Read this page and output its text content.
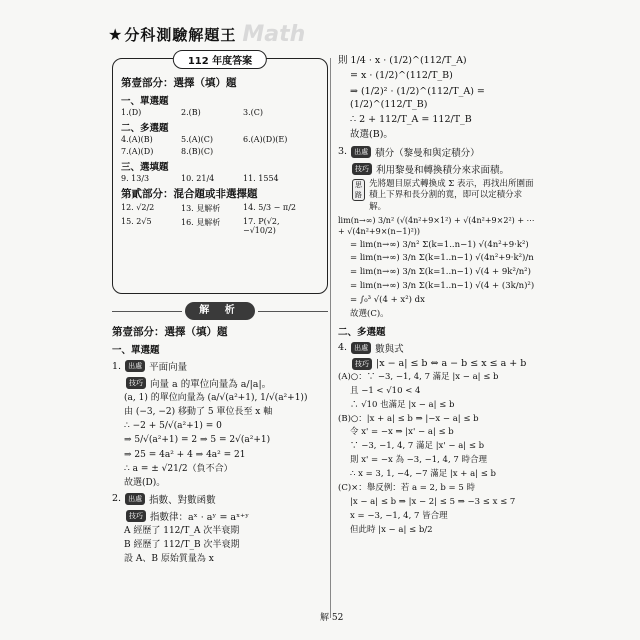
★ 分科測驗解題王 Math
112 年度答案
第壹部分：選擇（填）題
一、單選題
1.(D)	2.(B)	3.(C)
二、多選題
4.(A)(B)	5.(A)(C)	6.(A)(D)(E)
7.(A)(D)	8.(B)(C)
三、選填題
9. 13/3	10. 21/4	11. 1554
第貳部分：混合題或非選擇題
12. √2/2	13. 見解析	14. 5/3 − π/2
15. 2√5	16. 見解析	17. P(√2, −√10/2)
解 析
第壹部分：選擇（填）題
一、單選題
1.	出處 平面向量
技巧 向量 a 的單位向量為 a/|a|。
(a, 1) 的單位向量為 (a/√(a²+1), 1/√(a²+1))
由 (−3, −2) 移動了 5 單位長至 x 軸
∴ −2 + 5/√(a²+1) = 0
⇒ 5/√(a²+1) = 2 ⇒ 5 = 2√(a²+1)
⇒ 25 = 4a² + 4 ⇒ 4a² = 21
∴ a = ± √21/2（負不合）
故選(D)。
2.	出處 指數、對數函數
技巧 指數律：aˣ · aʸ = aˣ⁺ʸ
A 經歷了 112/T_A 次半衰期
B 經歷了 112/T_B 次半衰期
設 A、B 原始質量為 x
則 1/4 · x · (1/2)^(112/T_A)
= x · (1/2)^(112/T_B)
⇒ (1/2)² · (1/2)^(112/T_A) = (1/2)^(112/T_B)
∴ 2 + 112/T_A = 112/T_B
故選(B)。
3.	出處 積分（黎曼和與定積分）
技巧 利用黎曼和轉換積分來求面積。
思路
先將題目原式轉換成 Σ 表示，再找出所圍面積上下界和長分割的寬，即可以定積分求解。
lim(n→∞) 3/n² (√(4n²+9×1²) + √(4n²+9×2²) + ⋯ + √(4n²+9×(n−1)²))
= lim(n→∞) 3/n² Σ(k=1..n−1) √(4n²+9·k²)
= lim(n→∞) 3/n Σ(k=1..n−1) √(4n²+9·k²)/n
= lim(n→∞) 3/n Σ(k=1..n−1) √(4 + 9k²/n²)
= lim(n→∞) 3/n Σ(k=1..n−1) √(4 + (3k/n)²)
= ∫₀³ √(4 + x²) dx
故選(C)。
二、多選題
4.	出處 數與式
技巧 |x − a| ≤ b ⇔ a − b ≤ x ≤ a + b
(A)○：∵ −3, −1, 4, 7 滿足 |x − a| ≤ b
且 −1 < √10 < 4
∴ √10 也滿足 |x − a| ≤ b
(B)○：|x + a| ≤ b ⇒ |−x − a| ≤ b
令 x' = −x ⇒ |x' − a| ≤ b
∵ −3, −1, 4, 7 滿足 |x' − a| ≤ b
則 x' = −x 為 −3, −1, 4, 7 時合理
∴ x = 3, 1, −4, −7 滿足 |x + a| ≤ b
(C)×：舉反例：若 a = 2, b = 5 時
|x − a| ≤ b ⇒ |x − 2| ≤ 5 ⇒ −3 ≤ x ≤ 7
x = −3, −1, 4, 7 皆合理
但此時 |x − a| ≤ b/2
解 52
